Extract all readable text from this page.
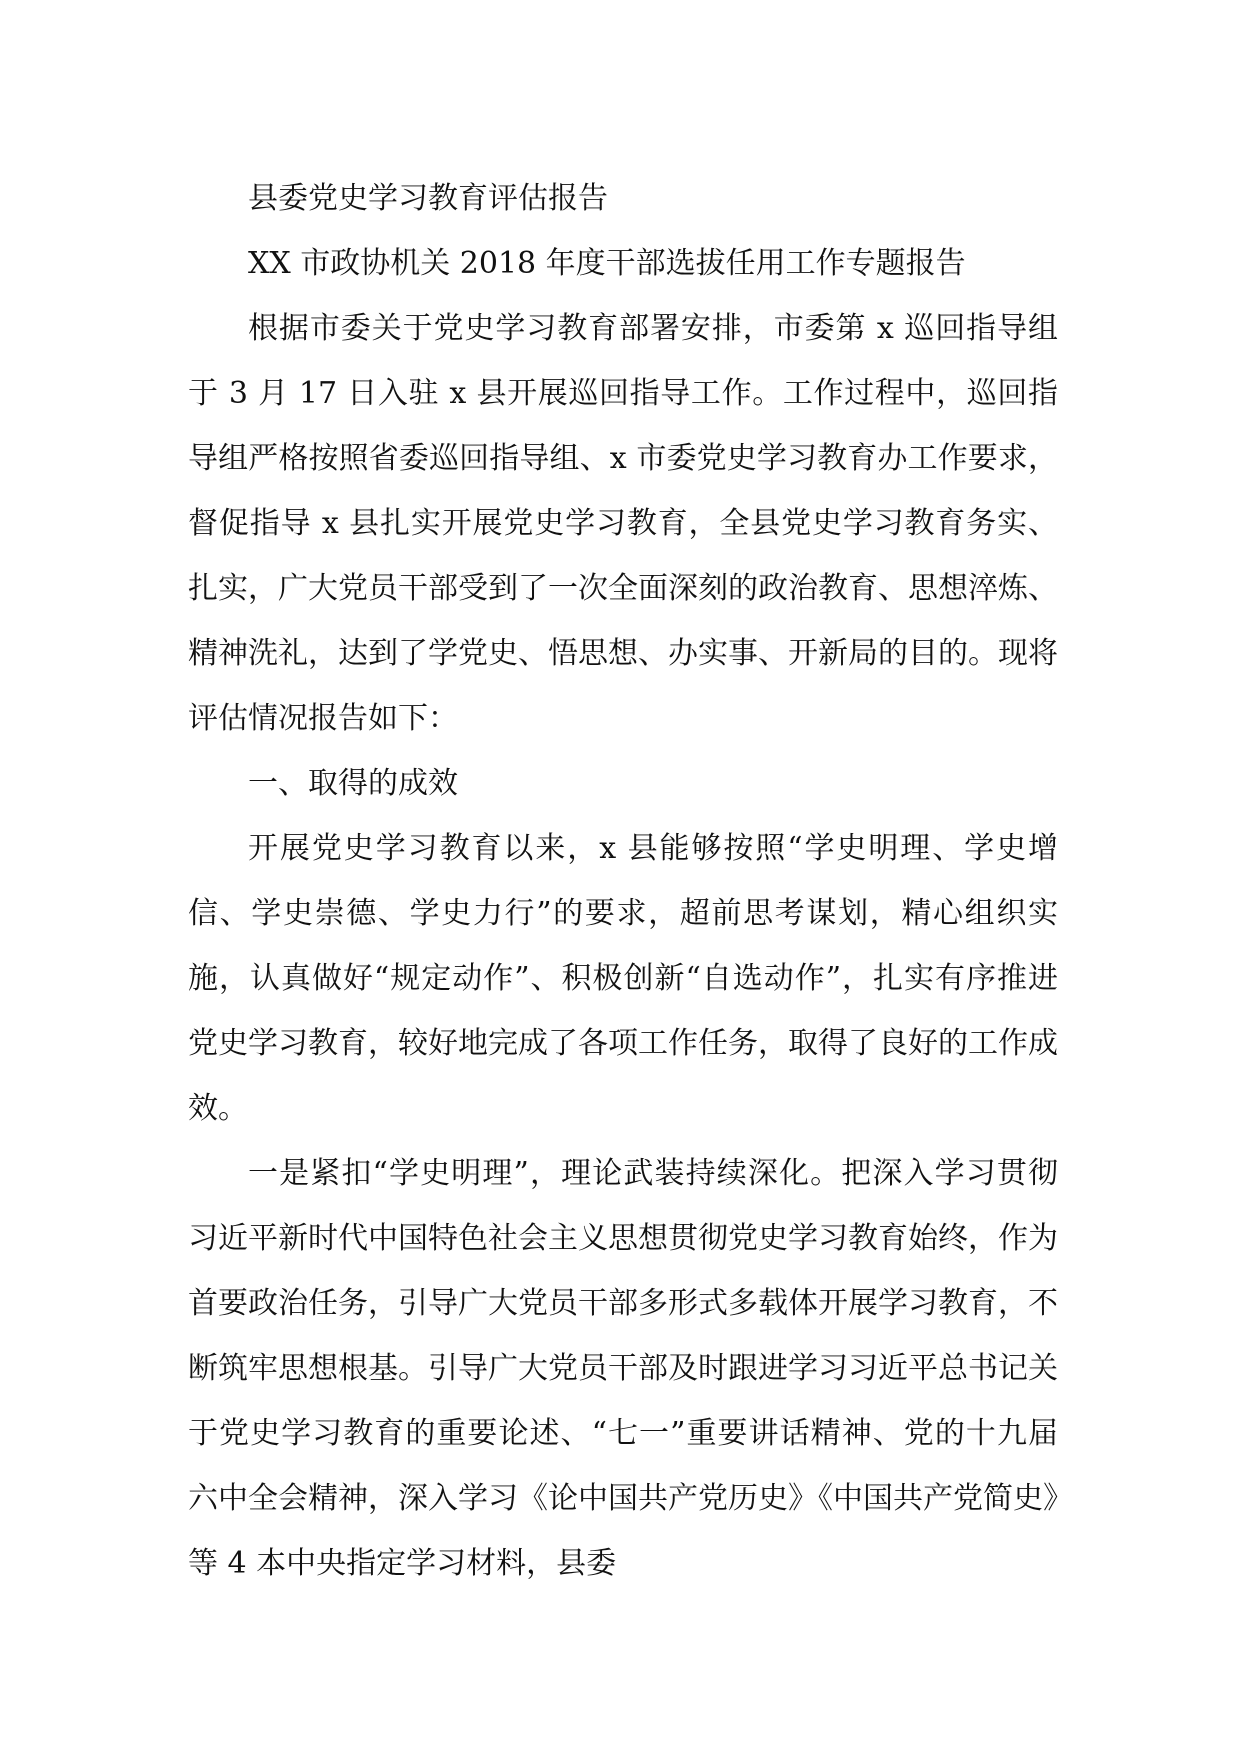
县委党史学习教育评估报告

XX 市政协机关 2018 年度干部选拔任用工作专题报告

根据市委关于党史学习教育部署安排，市委第 x 巡回指导组于 3 月 17 日入驻 x 县开展巡回指导工作。工作过程中，巡回指导组严格按照省委巡回指导组、x 市委党史学习教育办工作要求，督促指导 x 县扎实开展党史学习教育，全县党史学习教育务实、扎实，广大党员干部受到了一次全面深刻的政治教育、思想淬炼、精神洗礼，达到了学党史、悟思想、办实事、开新局的目的。现将评估情况报告如下：

一、取得的成效

开展党史学习教育以来，x 县能够按照“学史明理、学史增信、学史崇德、学史力行”的要求，超前思考谋划，精心组织实施，认真做好“规定动作”、积极创新“自选动作”，扎实有序推进党史学习教育，较好地完成了各项工作任务，取得了良好的工作成效。

一是紧扣“学史明理”，理论武装持续深化。把深入学习贯彻习近平新时代中国特色社会主义思想贯彻党史学习教育始终，作为首要政治任务，引导广大党员干部多形式多载体开展学习教育，不断筑牢思想根基。引导广大党员干部及时跟进学习习近平总书记关于党史学习教育的重要论述、“七一”重要讲话精神、党的十九届六中全会精神，深入学习《论中国共产党历史》《中国共产党简史》等 4 本中央指定学习材料，县委
